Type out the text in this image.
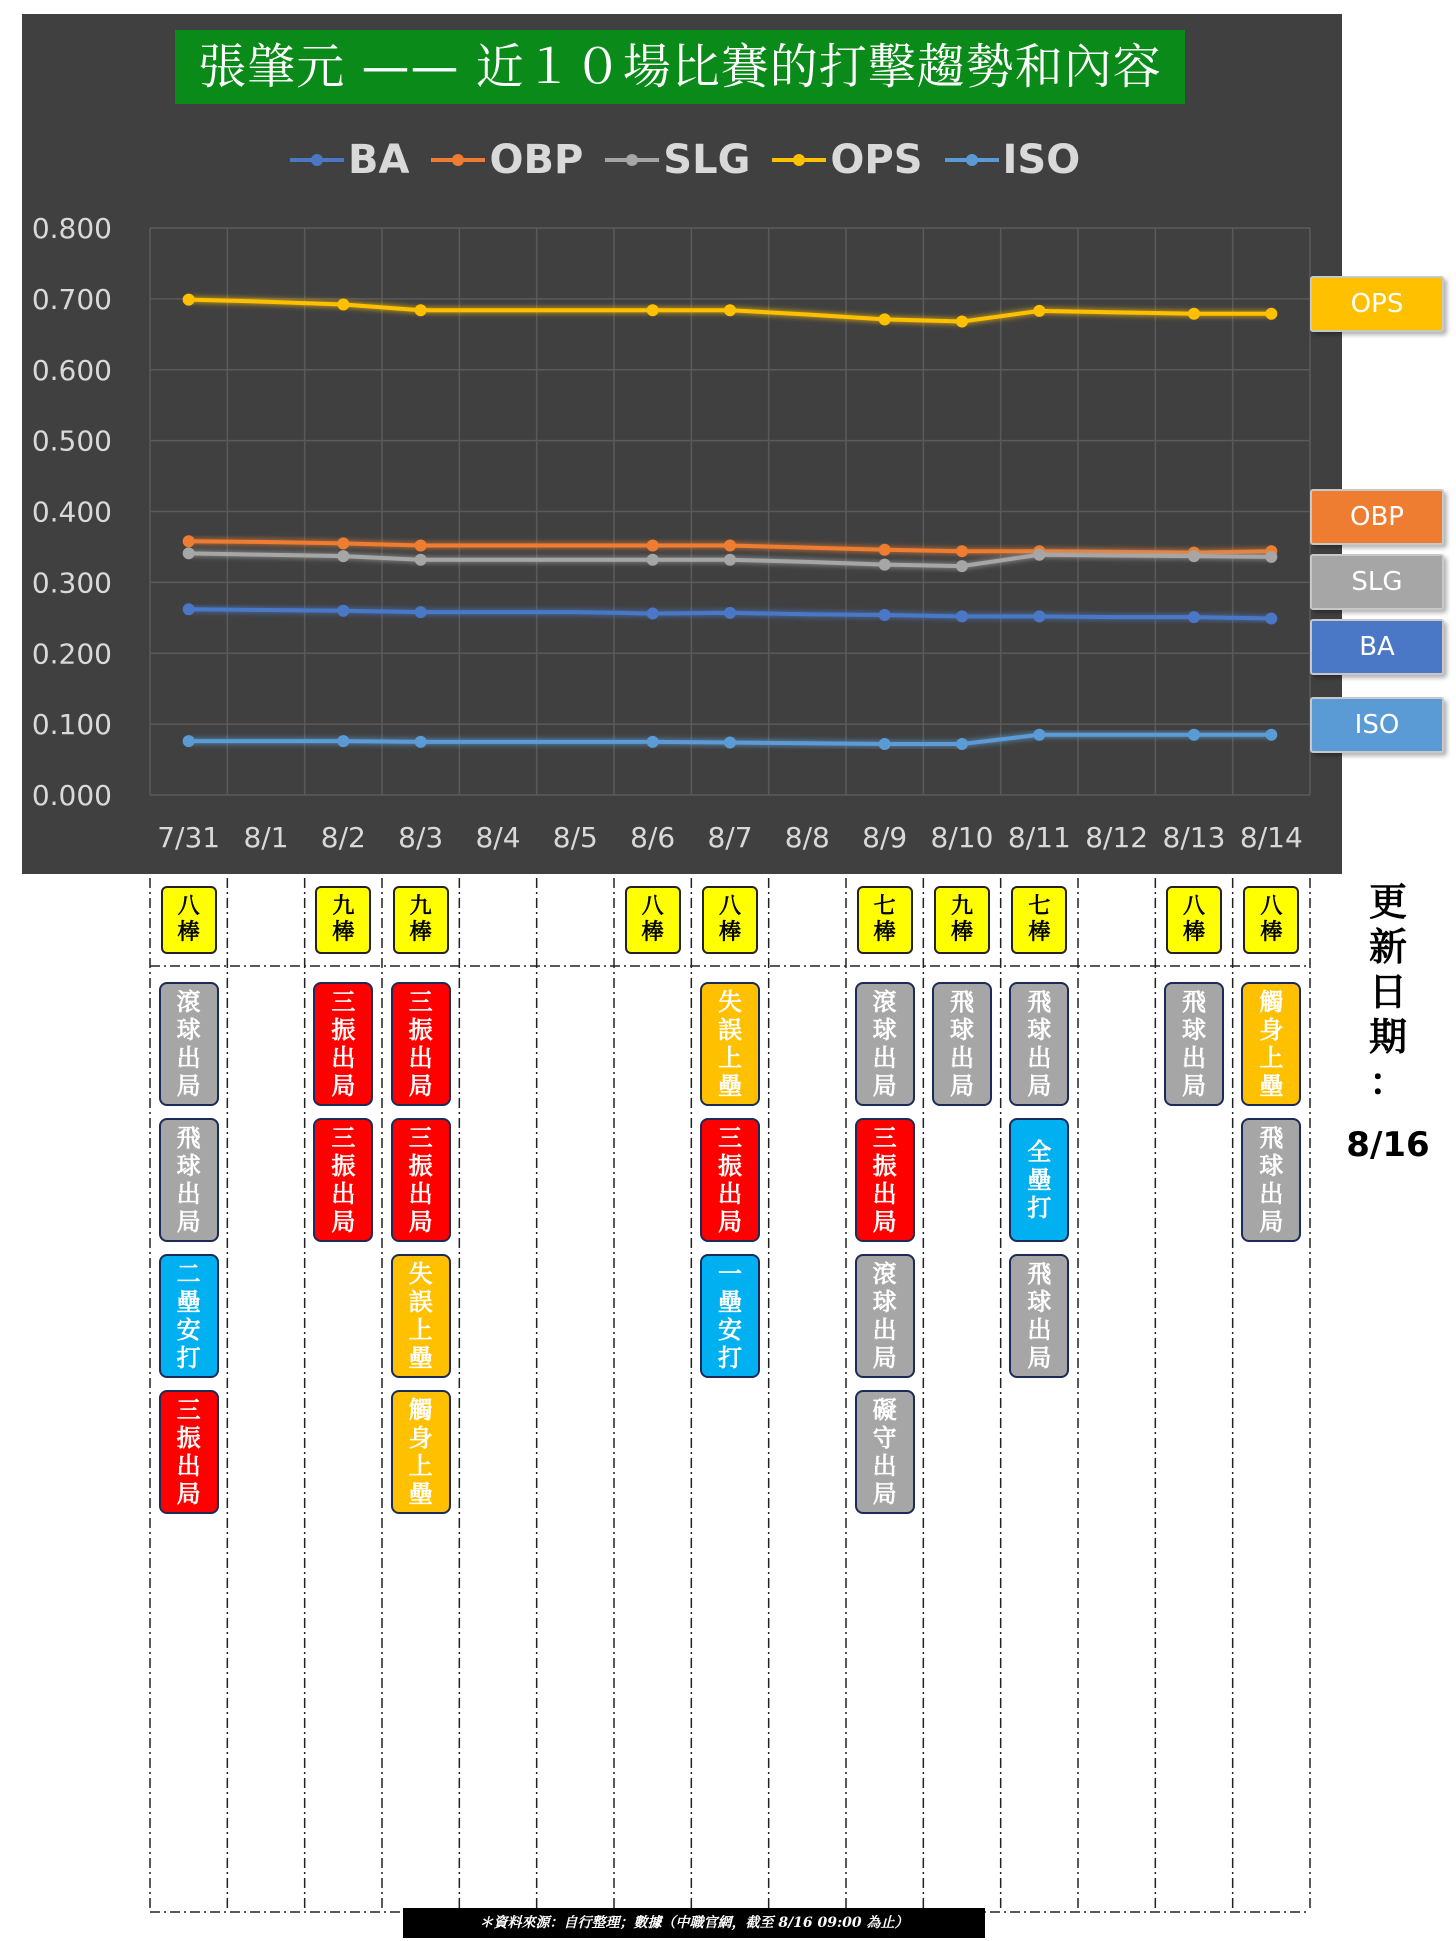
張肇元 —— 近１０場比賽的打擊趨勢和內容
BA OBP SLG OPS ISO
0.000
0.100
0.200
0.300
0.400
0.500
0.600
0.700
0.800
7/31 8/1 8/2 8/3 8/4 8/5 8/6 8/7 8/8 8/9 8/10 8/11 8/12 8/13 8/14
OPS
OBP
SLG
BA
ISO
八
棒
滾
球
出
局
飛
球
出
局
二
壘
安
打
三
振
出
局
九
棒
三
振
出
局
三
振
出
局
九
棒
三
振
出
局
三
振
出
局
失
誤
上
壘
觸
身
上
壘
八
棒
八
棒
失
誤
上
壘
三
振
出
局
一
壘
安
打
七
棒
滾
球
出
局
三
振
出
局
滾
球
出
局
礙
守
出
局
九
棒
飛
球
出
局
七
棒
飛
球
出
局
全
壘
打
飛
球
出
局
八
棒
飛
球
出
局
八
棒
觸
身
上
壘
飛
球
出
局
更
新
日
期
：
8/16
＊資料來源：自行整理；數據（中職官網，截至 8/16 09:00 為止）
